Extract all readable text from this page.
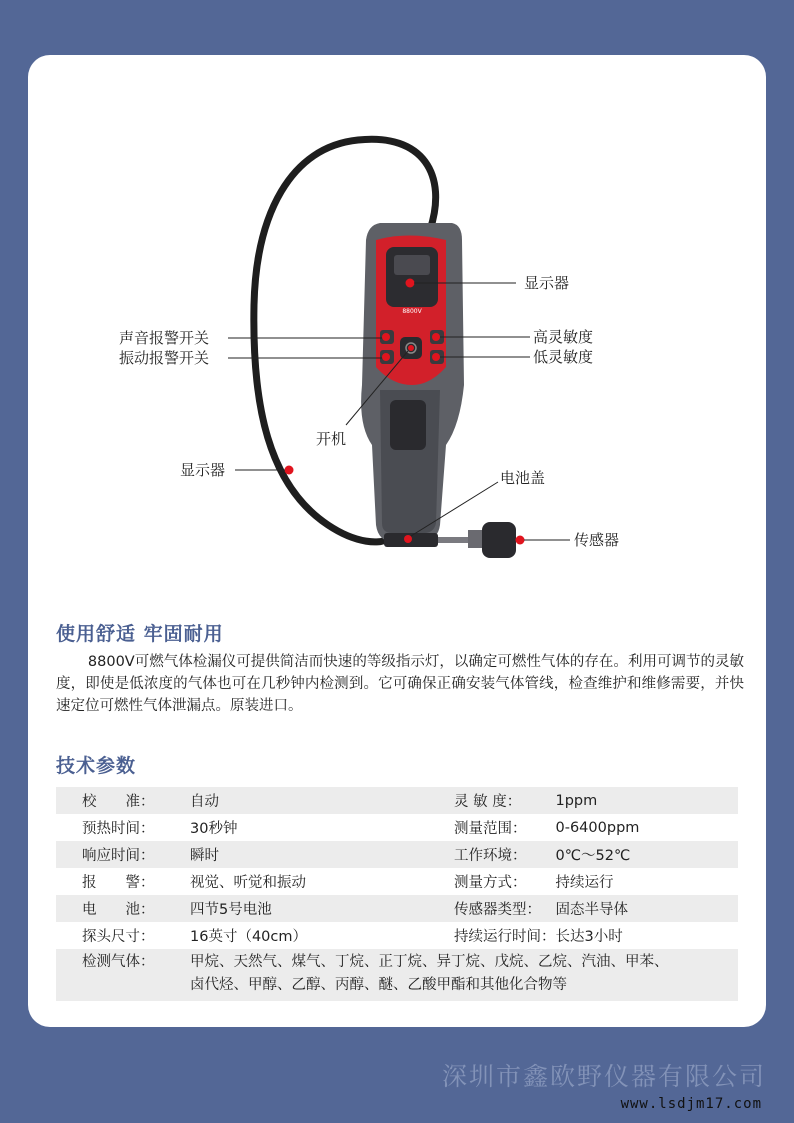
8800V
显示器
声音报警开关
振动报警开关
高灵敏度
低灵敏度
开机
显示器	电池盖
传感器
使用舒适 牢固耐用

8800V可燃气体检漏仪可提供简洁而快速的等级指示灯，以确定可燃性气体的存在。利用可调节的灵敏度，即使是低浓度的气体也可在几秒钟内检测到。它可确保正确安装气体管线，检查维护和维修需要，并快速定位可燃性气体泄漏点。原装进口。

技术参数
校　　准：	自动	灵 敏 度：	1ppm
预热时间：	30秒钟	测量范围：	0-6400ppm
响应时间：	瞬时	工作环境：	0℃～52℃
报　　警：	视觉、听觉和振动	测量方式：	持续运行
电　　池：	四节5号电池	传感器类型：	固态半导体
探头尺寸：	16英寸（40cm）	持续运行时间：	长达3小时
检测气体：	甲烷、天然气、煤气、丁烷、正丁烷、异丁烷、戊烷、乙烷、汽油、甲苯、
卤代烃、甲醇、乙醇、丙醇、醚、乙酸甲酯和其他化合物等		
深圳市鑫欧野仪器有限公司
www.lsdjm17.com
